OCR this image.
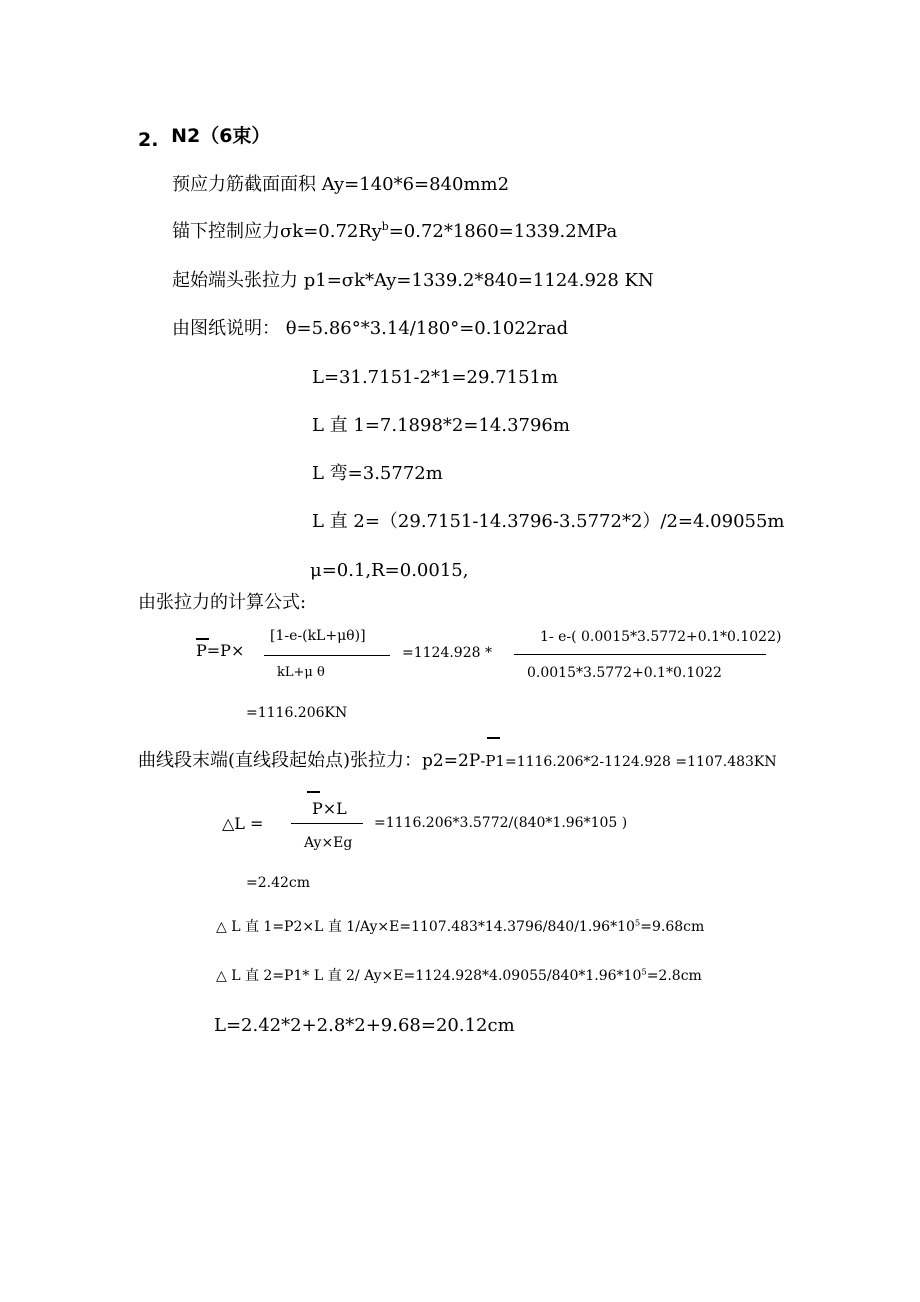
2. N2（6束）
预应力筋截面面积 Ay=140*6=840mm2
锚下控制应力$\sigma k=0.72Ry^b=0.72*1860=1339.2MPa$
起始端头张拉力 p1=σk*Ay=1339.2*840=1124.928 KN
由图纸说明： θ=5.86°*3.14/180°=0.1022rad
L=31.7151-2*1=29.7151m
L 直 1=7.1898*2=14.3796m
L 弯=3.5772m
L 直 2=（29.7151-14.3796-3.5772*2）/2=4.09055m
μ=0.1,R=0.0015,
由张拉力的计算公式:
P=P×
[1-e-(kL+μθ)]
kL+μ θ
=1124.928 *
1- e-( 0.0015*3.5772+0.1*0.1022)
0.0015*3.5772+0.1*0.1022
=1116.206KN
曲线段末端(直线段起始点)张拉力：p2=2P-P1=1116.206*2-1124.928 =1107.483KN
△L =
P×L
Ay×Eg
=1116.206*3.5772/(840*1.96*105 )
=2.42cm
△ L 直 1=P2×L 直 $1/Ay\times E=1107.483*14.3796/840/1.96*10^5=9.68cm$
△ L 直 2=P1* L 直 2/ $Ay\times E=1124.928*4.09055/840*1.96*10^5=2.8cm$
L=2.42*2+2.8*2+9.68=20.12cm
